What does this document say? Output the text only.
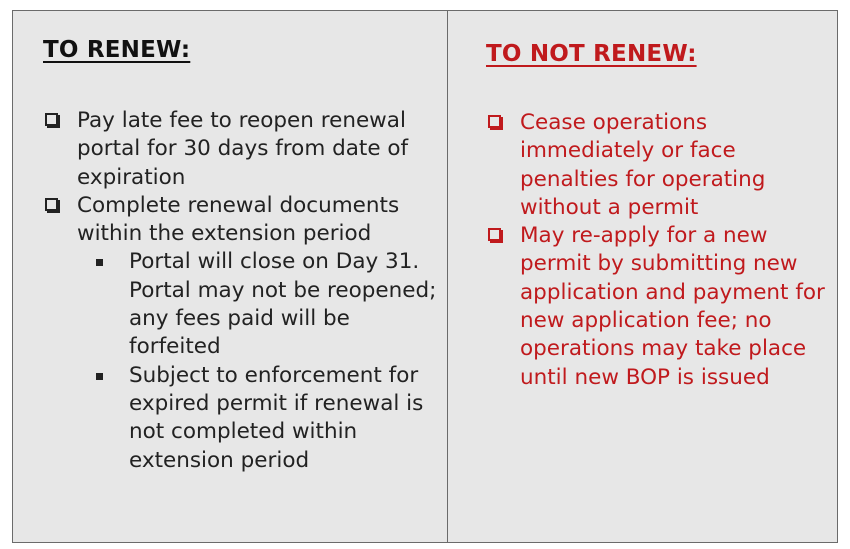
TO RENEW:
Pay late fee to reopen renewal portal for 30 days from date of expiration
Complete renewal documents within the extension period
Portal will close on Day 31. Portal may not be reopened; any fees paid will be forfeited
Subject to enforcement for expired permit if renewal is not completed within extension period
TO NOT RENEW:
Cease operations immediately or face penalties for operating without a permit
May re-apply for a new permit by submitting new application and payment for new application fee; no operations may take place until new BOP is issued
